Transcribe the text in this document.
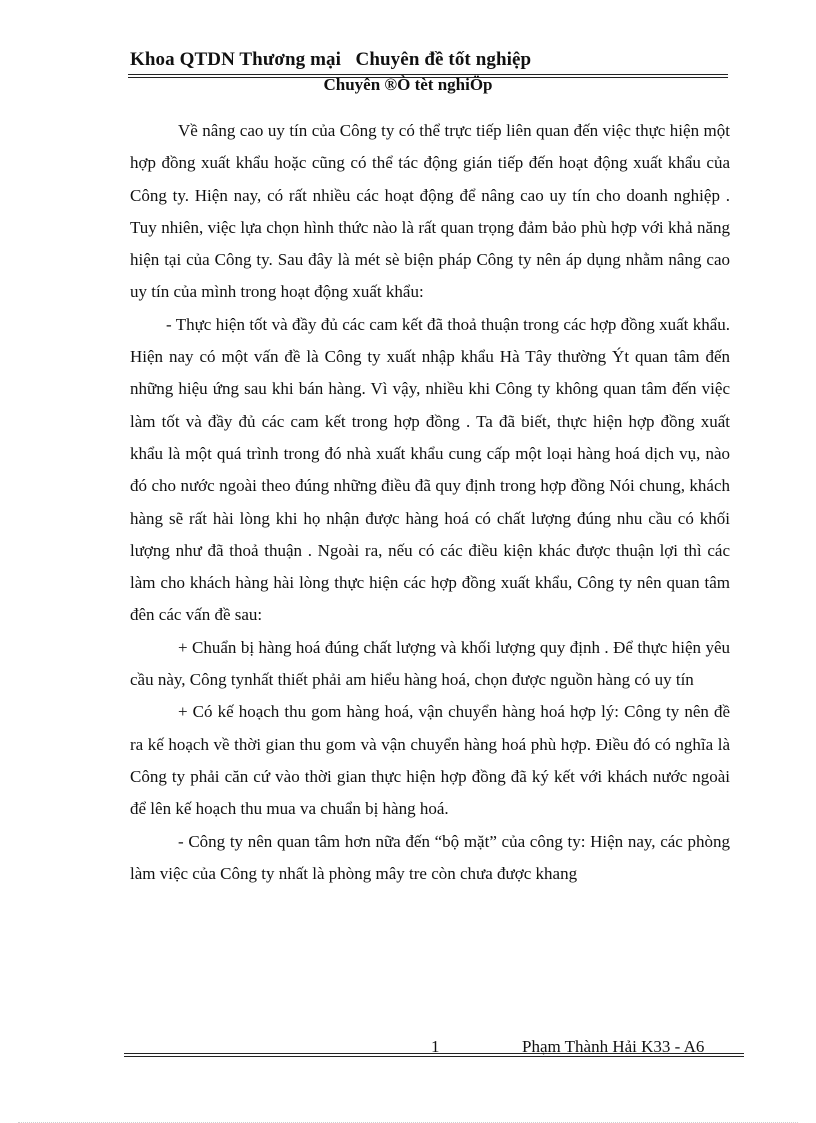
Khoa QTDN Thương mại   Chuyên đề tốt nghiệp
Chuyên ®Ò tèt nghiÖp

Về nâng cao uy tín của Công ty có thể trực tiếp liên quan đến việc thực hiện một hợp đồng xuất khẩu hoặc cũng có thể tác động gián tiếp đến hoạt động xuất khẩu của Công ty. Hiện nay, có rất nhiều các hoạt động để nâng cao uy tín cho doanh nghiệp . Tuy nhiên, việc lựa chọn hình thức nào là rất quan trọng đảm bảo phù hợp với khả năng hiện tại của Công ty. Sau đây là mét sè biện pháp Công ty nên áp dụng nhằm nâng cao uy tín của mình trong hoạt động xuất khẩu:

- Thực hiện tốt và đầy đủ các cam kết đã thoả thuận trong các hợp đồng xuất khẩu. Hiện nay có một vấn đề là Công ty xuất nhập khẩu Hà Tây thường Ýt quan tâm đến những hiệu ứng sau khi bán hàng. Vì vậy, nhiều khi Công ty không quan tâm đến việc làm tốt và đầy đủ các cam kết trong hợp đồng . Ta đã biết, thực hiện hợp đồng xuất khẩu là một quá trình trong đó nhà xuất khẩu cung cấp một loại hàng hoá dịch vụ, nào đó cho nước ngoài theo đúng những điều đã quy định trong hợp đồng Nói chung, khách hàng sẽ rất hài lòng khi họ nhận được hàng hoá có chất lượng đúng nhu cầu có khối lượng như đã thoả thuận . Ngoài ra, nếu có các điều kiện khác được thuận lợi thì các làm cho khách hàng hài lòng thực hiện các hợp đồng xuất khẩu, Công ty nên quan tâm đên các vấn đề sau:

+ Chuẩn bị hàng hoá đúng chất lượng và khối lượng quy định . Để thực hiện yêu cầu này, Công tynhất thiết phải am hiểu hàng hoá, chọn được nguồn hàng có uy tín

+ Có kế hoạch thu gom hàng hoá, vận chuyển hàng hoá hợp lý: Công ty nên đề ra kế hoạch về thời gian thu gom và vận chuyển hàng hoá phù hợp. Điều đó có nghĩa là Công ty phải căn cứ vào thời gian thực hiện hợp đồng đã ký kết với khách nước ngoài để lên kế hoạch thu mua va chuẩn bị hàng hoá.

- Công ty nên quan tâm hơn nữa đến “bộ mặt” của công ty: Hiện nay, các phòng làm việc của Công ty nhất là phòng mây tre còn chưa được khang

1	Phạm Thành Hải K33 - A6
